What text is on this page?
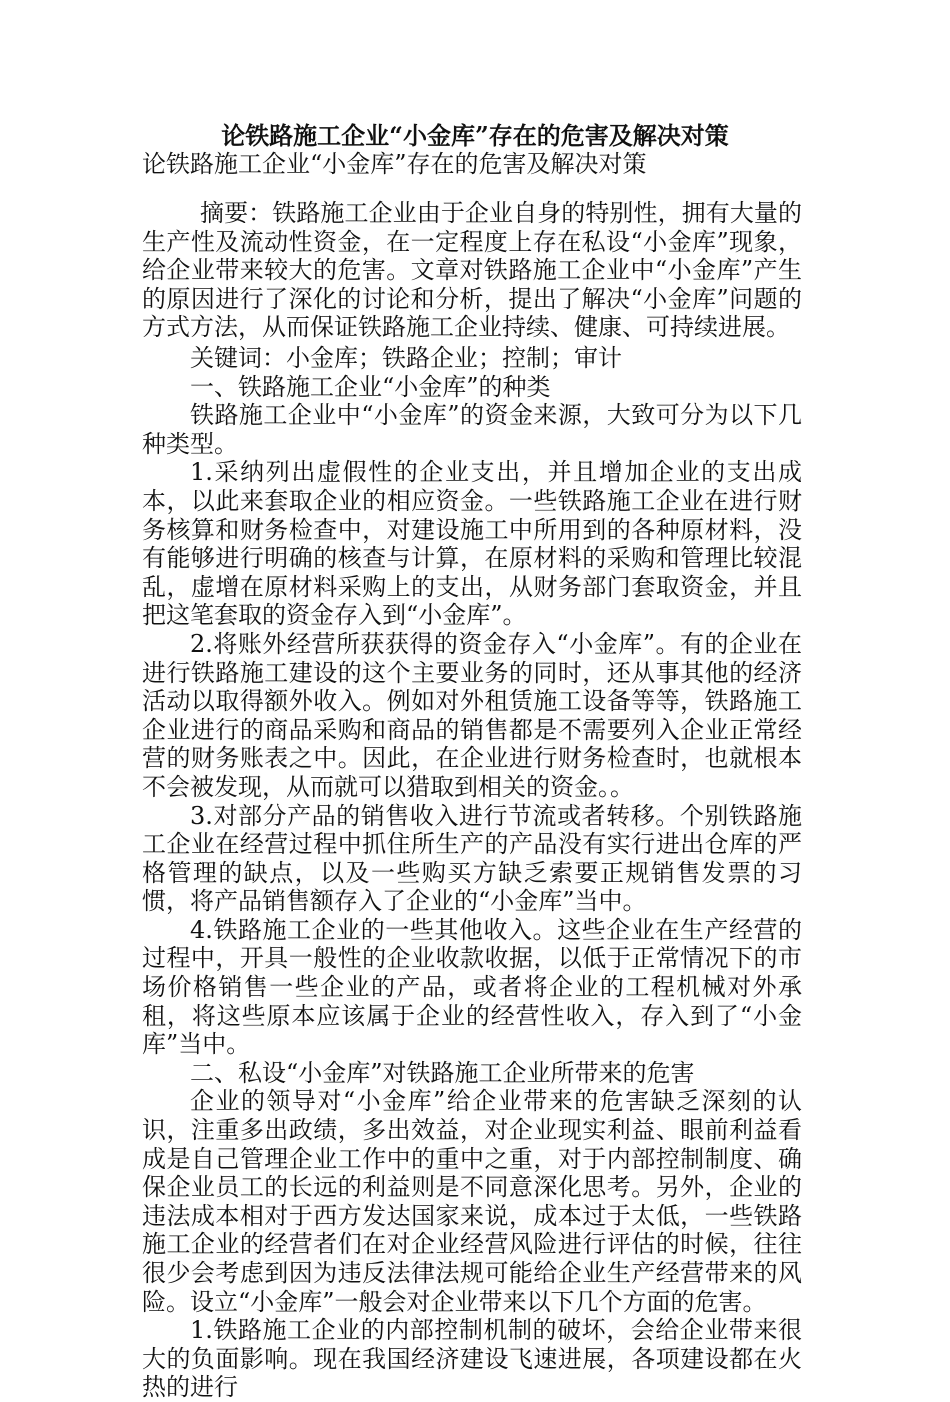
论铁路施工企业“小金库”存在的危害及解决对策
论铁路施工企业“小金库”存在的危害及解决对策
摘要：铁路施工企业由于企业自身的特别性，拥有大量的生产性及流动性资金，在一定程度上存在私设“小金库”现象，给企业带来较大的危害。文章对铁路施工企业中“小金库”产生的原因进行了深化的讨论和分析，提出了解决“小金库”问题的方式方法，从而保证铁路施工企业持续、健康、可持续进展。

关键词：小金库；铁路企业；控制；审计

一、铁路施工企业“小金库”的种类

铁路施工企业中“小金库”的资金来源，大致可分为以下几种类型。

1.采纳列出虚假性的企业支出，并且增加企业的支出成本，以此来套取企业的相应资金。一些铁路施工企业在进行财务核算和财务检查中，对建设施工中所用到的各种原材料，没有能够进行明确的核查与计算，在原材料的采购和管理比较混乱，虚增在原材料采购上的支出，从财务部门套取资金，并且把这笔套取的资金存入到“小金库”。

2.将账外经营所获获得的资金存入“小金库”。有的企业在进行铁路施工建设的这个主要业务的同时，还从事其他的经济活动以取得额外收入。例如对外租赁施工设备等等，铁路施工企业进行的商品采购和商品的销售都是不需要列入企业正常经营的财务账表之中。因此，在企业进行财务检查时，也就根本不会被发现，从而就可以猎取到相关的资金。。

3.对部分产品的销售收入进行节流或者转移。个别铁路施工企业在经营过程中抓住所生产的产品没有实行进出仓库的严格管理的缺点，以及一些购买方缺乏索要正规销售发票的习惯，将产品销售额存入了企业的“小金库”当中。

4.铁路施工企业的一些其他收入。这些企业在生产经营的过程中，开具一般性的企业收款收据，以低于正常情况下的市场价格销售一些企业的产品，或者将企业的工程机械对外承租，将这些原本应该属于企业的经营性收入，存入到了“小金库”当中。

二、私设“小金库”对铁路施工企业所带来的危害

企业的领导对“小金库”给企业带来的危害缺乏深刻的认识，注重多出政绩，多出效益，对企业现实利益、眼前利益看成是自己管理企业工作中的重中之重，对于内部控制制度、确保企业员工的长远的利益则是不同意深化思考。另外，企业的违法成本相对于西方发达国家来说，成本过于太低，一些铁路施工企业的经营者们在对企业经营风险进行评估的时候，往往很少会考虑到因为违反法律法规可能给企业生产经营带来的风险。设立“小金库”一般会对企业带来以下几个方面的危害。

1.铁路施工企业的内部控制机制的破坏，会给企业带来很大的负面影响。现在我国经济建设飞速进展，各项建设都在火热的进行
